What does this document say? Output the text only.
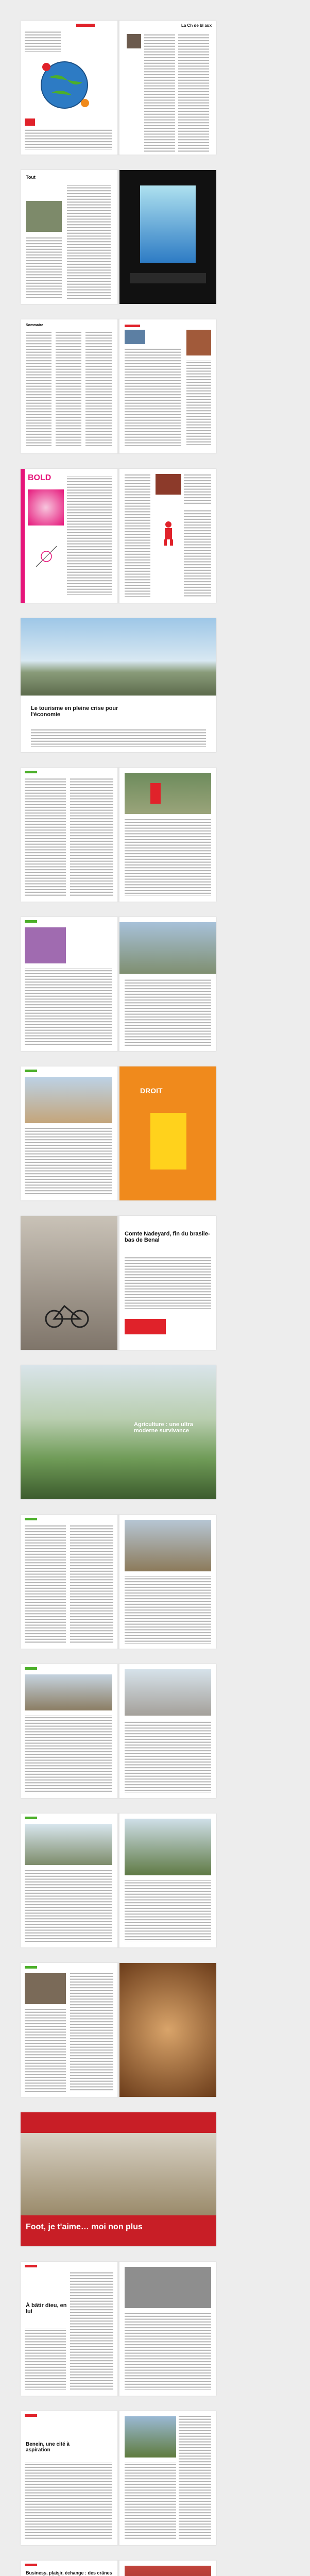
La Ch de bl aux
Tout
Sommaire
BOLD
Le tourisme en pleine crise pour l'économie
DROIT
Comte Nadeyard, fin du brasile-bas de Benal
Agriculture : une ultra moderne survivance
Foot, je t'aime… moi non plus
À bâtir dieu, en lui
Benein, une cité à aspiration
Business, plaisir, échange : des crânes
